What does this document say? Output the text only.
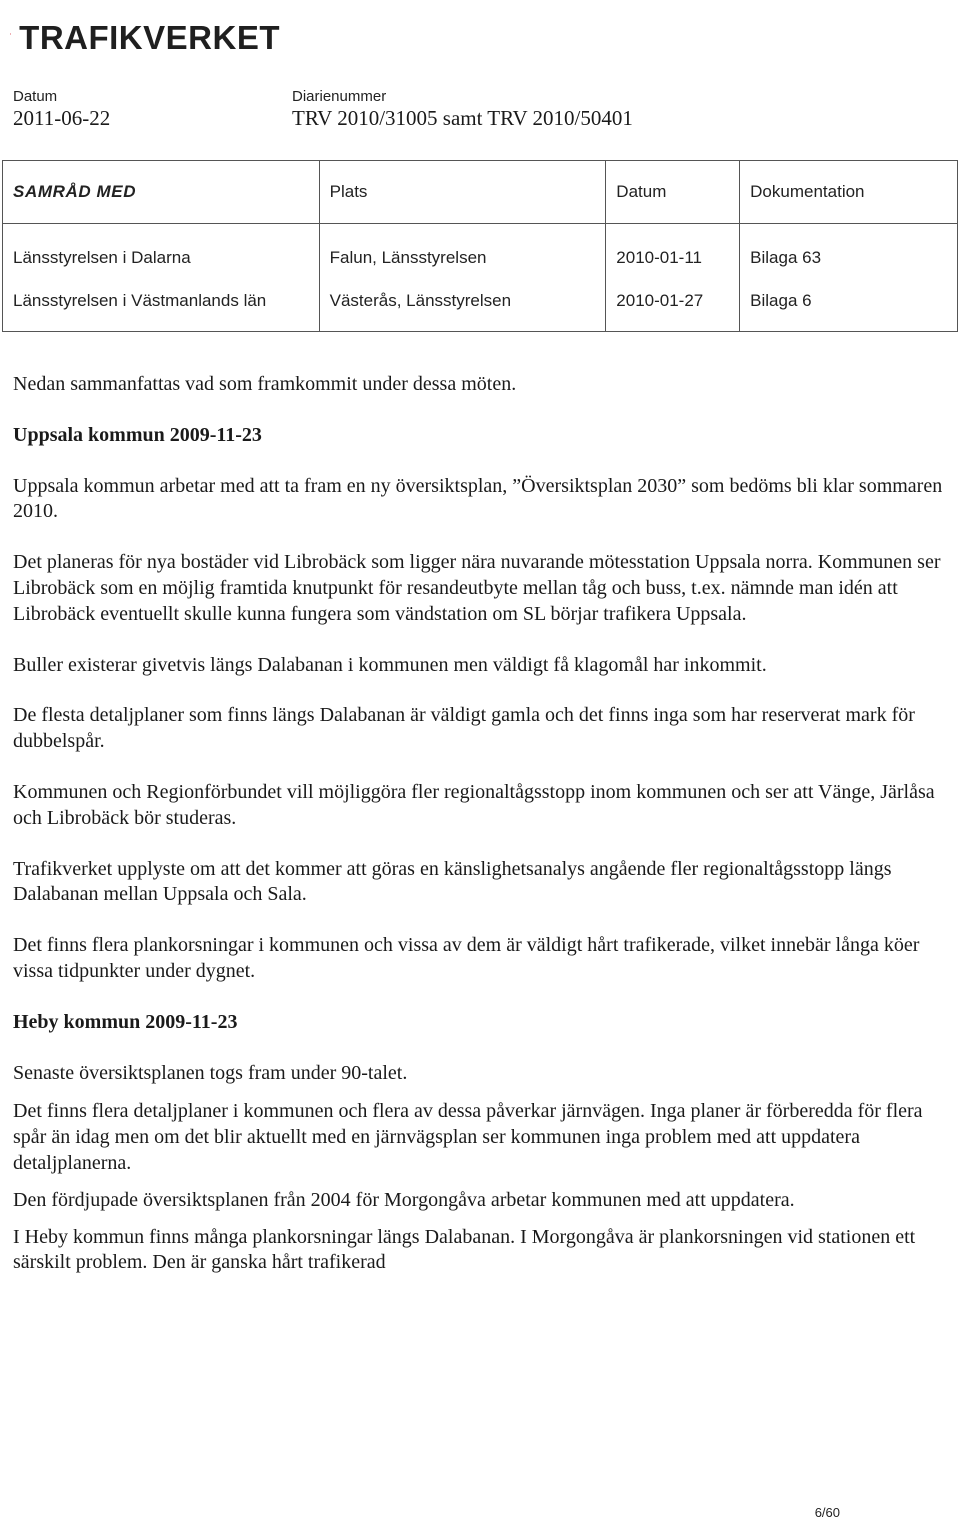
TRAFIKVERKET
Datum
2011-06-22
Diarienummer
TRV 2010/31005 samt TRV 2010/50401
SAMRÅD MED	Plats	Datum	Dokumentation
Länsstyrelsen i Dalarna	Falun, Länsstyrelsen	2010-01-11	Bilaga 63
Länsstyrelsen i Västmanlands län	Västerås, Länsstyrelsen	2010-01-27	Bilaga 6

Nedan sammanfattas vad som framkommit under dessa möten.

Uppsala kommun 2009-11-23

Uppsala kommun arbetar med att ta fram en ny översiktsplan, ”Översiktsplan 2030” som bedöms bli klar sommaren 2010.

Det planeras för nya bostäder vid Librobäck som ligger nära nuvarande mötesstation Uppsala norra. Kommunen ser Librobäck som en möjlig framtida knutpunkt för resandeutbyte mellan tåg och buss, t.ex. nämnde man idén att Librobäck eventuellt skulle kunna fungera som vändstation om SL börjar trafikera Uppsala.

Buller existerar givetvis längs Dalabanan i kommunen men väldigt få klagomål har inkommit.

De flesta detaljplaner som finns längs Dalabanan är väldigt gamla och det finns inga som har reserverat mark för dubbelspår.

Kommunen och Regionförbundet vill möjliggöra fler regionaltågsstopp inom kommunen och ser att Vänge, Järlåsa och Librobäck bör studeras.

Trafikverket upplyste om att det kommer att göras en känslighetsanalys angående fler regionaltågsstopp längs Dalabanan mellan Uppsala och Sala.

Det finns flera plankorsningar i kommunen och vissa av dem är väldigt hårt trafikerade, vilket innebär långa köer vissa tidpunkter under dygnet.

Heby kommun 2009-11-23

Senaste översiktsplanen togs fram under 90-talet.

Det finns flera detaljplaner i kommunen och flera av dessa påverkar järnvägen. Inga planer är förberedda för flera spår än idag men om det blir aktuellt med en järnvägsplan ser kommunen inga problem med att uppdatera detaljplanerna.

Den fördjupade översiktsplanen från 2004 för Morgongåva arbetar kommunen med att uppdatera.

I Heby kommun finns många plankorsningar längs Dalabanan. I Morgongåva är plankorsningen vid stationen ett särskilt problem. Den är ganska hårt trafikerad

6/60
